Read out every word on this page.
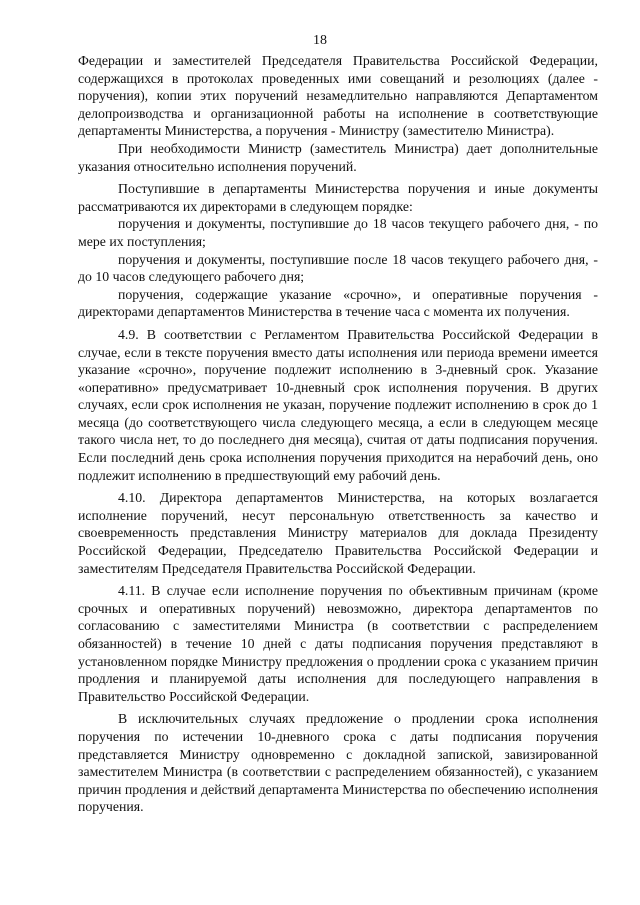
18

Федерации и заместителей Председателя Правительства Российской Федерации, содержащихся в протоколах проведенных ими совещаний и резолюциях (далее - поручения), копии этих поручений незамедлительно направляются Департаментом делопроизводства и организационной работы на исполнение в соответствующие департаменты Министерства, а поручения - Министру (заместителю Министра).

При необходимости Министр (заместитель Министра) дает дополнительные указания относительно исполнения поручений.

Поступившие в департаменты Министерства поручения и иные документы рассматриваются их директорами в следующем порядке:

поручения и документы, поступившие до 18 часов текущего рабочего дня, - по мере их поступления;

поручения и документы, поступившие после 18 часов текущего рабочего дня, - до 10 часов следующего рабочего дня;

поручения, содержащие указание «срочно», и оперативные поручения - директорами департаментов Министерства в течение часа с момента их получения.

4.9. В соответствии с Регламентом Правительства Российской Федерации в случае, если в тексте поручения вместо даты исполнения или периода времени имеется указание «срочно», поручение подлежит исполнению в 3-дневный срок. Указание «оперативно» предусматривает 10-дневный срок исполнения поручения. В других случаях, если срок исполнения не указан, поручение подлежит исполнению в срок до 1 месяца (до соответствующего числа следующего месяца, а если в следующем месяце такого числа нет, то до последнего дня месяца), считая от даты подписания поручения. Если последний день срока исполнения поручения приходится на нерабочий день, оно подлежит исполнению в предшествующий ему рабочий день.

4.10. Директора департаментов Министерства, на которых возлагается исполнение поручений, несут персональную ответственность за качество и своевременность представления Министру материалов для доклада Президенту Российской Федерации, Председателю Правительства Российской Федерации и заместителям Председателя Правительства Российской Федерации.

4.11. В случае если исполнение поручения по объективным причинам (кроме срочных и оперативных поручений) невозможно, директора департаментов по согласованию с заместителями Министра (в соответствии с распределением обязанностей) в течение 10 дней с даты подписания поручения представляют в установленном порядке Министру предложения о продлении срока с указанием причин продления и планируемой даты исполнения для последующего направления в Правительство Российской Федерации.

В исключительных случаях предложение о продлении срока исполнения поручения по истечении 10-дневного срока с даты подписания поручения представляется Министру одновременно с докладной запиской, завизированной заместителем Министра (в соответствии с распределением обязанностей), с указанием причин продления и действий департамента Министерства по обеспечению исполнения поручения.
